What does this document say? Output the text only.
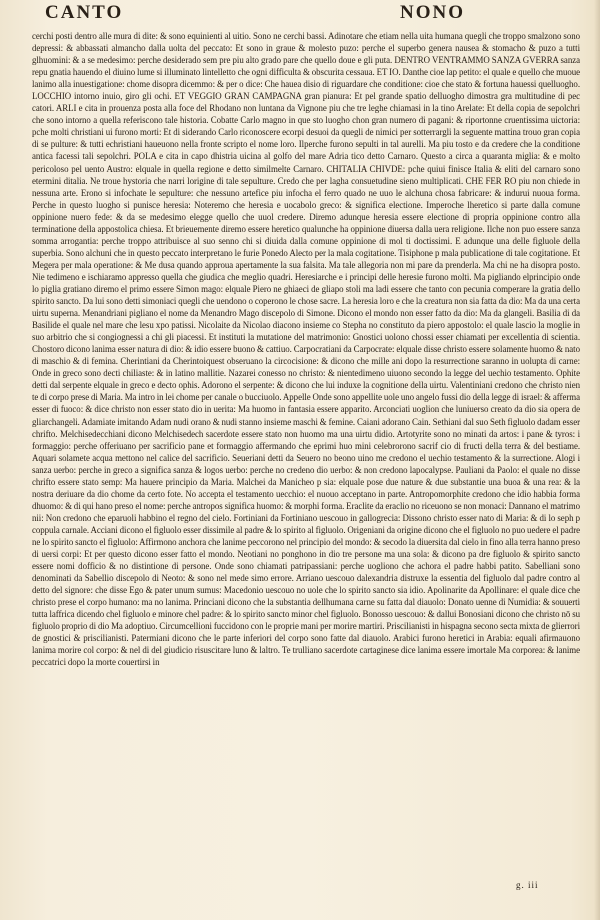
CANTO	NONO

cerchi posti dentro alle mura di dite: & sono equinienti al uitio. Sono ne cerchi bassi. Adinotare che etiam nella uita humana quegli che troppo smalzono sono depressi: & abbassati almancho dalla uolta del peccato: Et sono in graue & molesto puzo: perche el superbo genera nausea & stomacho & puzo a tutti glhuomini: & a se medesimo: perche desiderado sem pre piu alto grado pare che quello doue e gli puta. DENTRO VENTRAMMO SANZA GVERRA sanza repu gnatia hauendo el diuino lume si illuminato lintelletto che ogni difficulta & obscurita cessaua. ET IO. Danthe cioe lap petito: el quale e quello che muoue lanimo alla inuestigatione: chome disopra dicemmo: & per o dice: Che hauea disio di riguardare che conditione: cioe che stato & fortuna hauessi quelluogho. LOCCHIO intorno inuio, giro gli ochi. ET VEGGIO GRAN CAMPAGNA gran pianura: Et pel grande spatio delluogho dimostra gra multitudine di pec catori. ARLI e cita in prouenza posta alla foce del Rhodano non luntana da Vignone piu che tre leghe chiamasi in la tino Arelate: Et della copia de sepolchri che sono intorno a quella referiscono tale historia. Cobatte Carlo magno in que sto luogho chon gran numero di pagani: & riportonne cruentissima uictoria: pche molti christiani ui furono morti: Et di siderando Carlo riconoscere ecorpi desuoi da quegli de nimici per sotterrargli la seguente mattina trouo gran copia di se pulture: & tutti echristiani haueuono nella fronte scripto el nome loro. Ilperche furono sepulti in tal aurelli. Ma piu tosto e da credere che la conditione antica facessi tali sepolchri. POLA e cita in capo dhistria uicina al golfo del mare Adria tico detto Carnaro. Questo a circa a quaranta miglia: & e molto pericoloso pel uento Austro: elquale in quella regione e detto similmelte Carnaro. CHITALIA CHIVDE: pche quiui finisce Italia & eliti del carnaro sono etermini ditalia. Ne troue hystoria che narri lorigine di tale sepulture. Credo che per lagha consuetudine sieno multiplicati. CHE FER RO piu non chiede in nessuna arte. Erono si infochate le sepulture: che nessuno artefice piu infocha el ferro quado ne uuo le alchuna chosa fabricare: & indurui nuoua forma. Perche in questo luogho si punisce heresia: Noteremo che heresia e uocabolo greco: & significa electione. Imperoche lheretico si parte dalla comune oppinione nuero fede: & da se medesimo elegge quello che uuol credere. Diremo adunque heresia essere electione di propria oppinione contro alla terminatione della appostolica chiesa. Et brieuemente diremo essere heretico qualunche ha oppinione diuersa dalla uera religione. Ilche non puo essere sanza somma arrogantia: perche troppo attribuisce al suo senno chi si diuida dalla comune oppinione di mol ti doctissimi. E adunque una delle figluole della superbia. Sono alchuni che in questo peccato interpretano le furie Ponedo Alecto per la mala cogitatione. Tisiphone p mala publicatione di tale cogitatione. Et Megera per mala operatione: & Me dusa quando approua apertamente la sua falsita. Ma tale allegoria non mi pare da prenderla. Ma chi ne ha disopra posto. Nie tedimeno e ischiaramo appresso quella che giudica che meglio quadri. Heresiarche e i principi delle heresie furono molti. Ma pigliando elprincipio onde lo piglia gratiano diremo el primo essere Simon mago: elquale Piero ne ghiaeci de gliapo stoli ma ladi essere che tanto con pecunia comperare la gratia dello spirito sancto. Da lui sono detti simoniaci quegli che uendono o coperono le chose sacre. La heresia loro e che la creatura non sia fatta da dio: Ma da una certa uirtu superna. Menandriani pigliano el nome da Menandro Mago discepolo di Simone. Dicono el mondo non esser fatto da dio: Ma da glangeli. Basilia di da Basilide el quale nel mare che lesu xpo patissi. Nicolaite da Nicolao diacono insieme co Stepha no constituto da piero appostolo: el quale lascio la moglie in suo arbitrio che si congiognessi a chi gli piacessi. Et instituti la mutatione del matrimonio: Gnostici uolono chossi esser chiamati per excellentia di scientia. Chostoro dicono lanima esser natura di dio: & idio essere buono & cattiuo. Carpocratiani da Carpocrate: elquale disse christo essere solamente huomo & nato di maschio & di femina. Cherintiani da Cherintoiquest obseruano la circocisione: & dicono che mille ani dopo la resurrectione saranno in uolupta di carne: Onde in greco sono decti chiliaste: & in latino mallitie. Nazarei conesso no christo: & nientedimeno uiuono secondo la legge del uechio testamento. Ophite detti dal serpente elquale in greco e decto ophis. Adorono el serpente: & dicono che lui induxe la cognitione della uirtu. Valentiniani credono che christo nien te di corpo prese di Maria. Ma intro in lei chome per canale o bucciuolo. Appelle Onde sono appellite uole uno angelo fussi dio della legge di israel: & afferma esser di fuoco: & dice christo non esser stato dio in uerita: Ma huomo in fantasia essere apparito. Arconciati uoglion che luniuerso creato da dio sia opera de gliarchangeli. Adamiate imitando Adam nudi orano & nudi stanno insieme maschi & femine. Caiani adorano Cain. Sethiani dal suo Seth figluolo dadam esser chrifto. Melchisedecchiani dicono Melchisedech sacerdote essere stato non huomo ma una uirtu didio. Artotyrite sono no minati da artos: i pane & tyros: i formaggio: perche offeriuano per sacrificio pane et formaggio affermando che eprimi huo mini celebrorono sacrif cio di fructi della terra & del bestiame. Aquari solamete acqua mettono nel calice del sacrificio. Seueriani detti da Seuero no beono uino me credono el uechio testamento & la surrectione. Alogi i sanza uerbo: perche in greco a significa sanza & logos uerbo: perche no credeno dio uerbo: & non credono lapocalypse. Pauliani da Paolo: el quale no disse chrifto essere stato semp: Ma hauere principio da Maria. Malchei da Manicheo p sia: elquale pose due nature & due substantie una buoa & una rea: & la nostra deriuare da dio chome da certo fote. No accepta el testamento uecchio: el nuouo acceptano in parte. Antropomorphite credono che idio habbia forma dhuomo: & di qui hano preso el nome: perche antropos significa huomo: & morphi forma. Eraclite da eraclio no riceuono se non monaci: Dannano el matrimo nii: Non credono che eparuoli habbino el regno del cielo. Fortiniani da Fortiniano uescouo in gallogrecia: Dissono christo esser nato di Maria: & di lo seph p coppula carnale. Acciani dicono el figluolo esser dissimile al padre & lo spirito al figluolo. Origeniani da origine dicono che el figluolo no puo uedere el padre ne lo spirito sancto el figluolo: Affirmono anchora che lanime peccorono nel principio del mondo: & secodo la diuersita dal cielo in fino alla terra hanno preso di uersi corpi: Et per questo dicono esser fatto el mondo. Neotiani no ponghono in dio tre persone ma una sola: & dicono pa dre figluolo & spirito sancto essere nomi dofficio & no distintione di persone. Onde sono chiamati patripassiani: perche uogliono che achora el padre habbi patito. Sabelliani sono denominati da Sabellio discepolo di Neoto: & sono nel mede simo errore. Arriano uescouo dalexandria distruxe la essentia del figluolo dal padre contro al detto del signore: che disse Ego & pater unum sumus: Macedonio uescouo no uole che lo spirito sancto sia idio. Apolinarite da Apollinare: el quale dice che christo prese el corpo humano: ma no lanima. Princiani dicono che la substantia dellhumana carne su fatta dal diauolo: Donato uenne di Numidia: & souuerti tutta laffrica dicendo chel figluolo e minore chel padre: & lo spirito sancto minor chel figluolo. Bonosso uescouo: & dallui Bonosiani dicono che christo nō su figluolo proprio di dio Ma adoptiuo. Circumcellioni fuccidono con le proprie mani per morire martiri. Priscilianisti in hispagna secono secta mixta de glierrori de gnostici & priscilianisti. Patermiani dicono che le parte inferiori del corpo sono fatte dal diauolo. Arabici furono heretici in Arabia: equali afirmauono lanima morire col corpo: & nel di del giudicio risuscitare luno & laltro. Te trulliano sacerdote cartaginese dice lanima essere imortale Ma corporea: & lanime peccatrici dopo la morte couertirsi in

g. iii
